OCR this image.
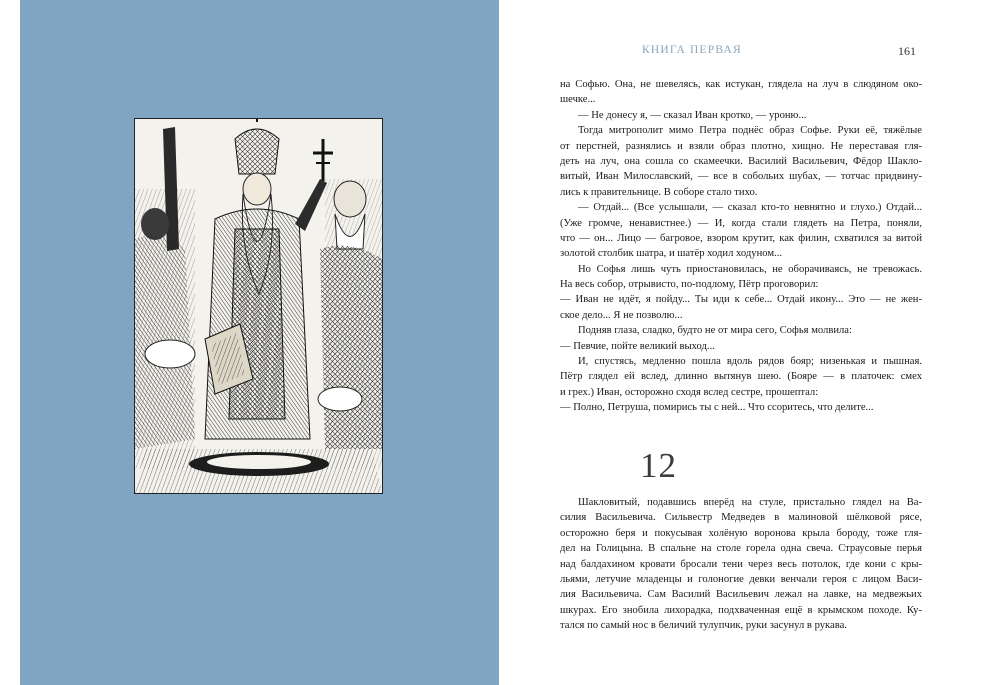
КНИГА ПЕРВАЯ	161
на Софью. Она, не шевелясь, как истукан, глядела на луч в слюдяном око-
шечке...
— Не донесу я, — сказал Иван кротко, — уроню...
Тогда митрополит мимо Петра поднёс образ Софье. Руки её, тяжёлые
от перстней, разнялись и взяли образ плотно, хищно. Не переставая гля-
деть на луч, она сошла со скамеечки. Василий Васильевич, Фёдор Шакло-
витый, Иван Милославский, — все в собольих шубах, — тотчас придвину-
лись к правительнице. В соборе стало тихо.
— Отдай... (Все услышали, — сказал кто-то невнятно и глухо.) Отдай...
(Уже громче, ненавистнее.) — И, когда стали глядеть на Петра, поняли,
что — он... Лицо — багровое, взором крутит, как филин, схватился за витой
золотой столбик шатра, и шатёр ходил ходуном...
Но Софья лишь чуть приостановилась, не оборачиваясь, не тревожась.
На весь собор, отрывисто, по-подлому, Пётр проговорил:
— Иван не идёт, я пойду... Ты иди к себе... Отдай икону... Это — не жен-
ское дело... Я не позволю...
Подняв глаза, сладко, будто не от мира сего, Софья молвила:
— Певчие, пойте великий выход...
И, спустясь, медленно пошла вдоль рядов бояр; низенькая и пышная.
Пётр глядел ей вслед, длинно вытянув шею. (Бояре — в платочек: смех
и грех.) Иван, осторожно сходя вслед сестре, прошептал:
— Полно, Петруша, помирись ты с ней... Что ссоритесь, что делите...
12
Шакловитый, подавшись вперёд на стуле, пристально глядел на Ва-
силия Васильевича. Сильвестр Медведев в малиновой шёлковой рясе,
осторожно беря и покусывая холёную воронова крыла бороду, тоже гля-
дел на Голицына. В спальне на столе горела одна свеча. Страусовые перья
над балдахином кровати бросали тени через весь потолок, где кони с кры-
льями, летучие младенцы и голоногие девки венчали героя с лицом Васи-
лия Васильевича. Сам Василий Васильевич лежал на лавке, на медвежьих
шкурах. Его знобила лихорадка, подхваченная ещё в крымском походе. Ку-
тался по самый нос в беличий тулупчик, руки засунул в рукава.
